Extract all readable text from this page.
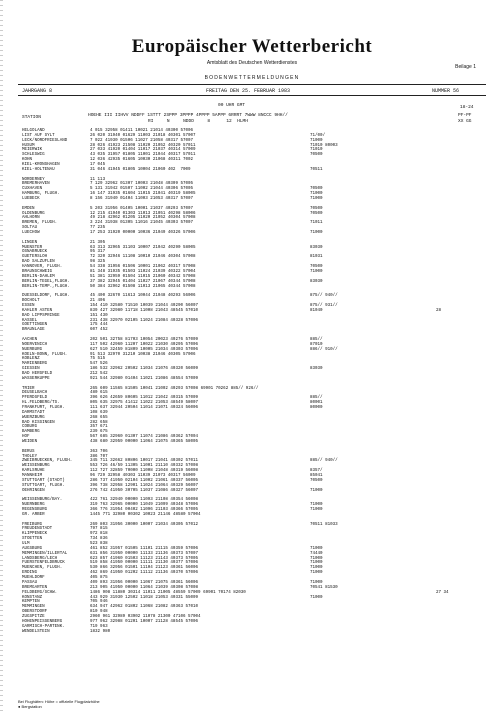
Europäischer Wetterbericht
Amtsblatt des Deutschen Wetterdienstes
Beilage 1
BODENWETTERMELDUNGEN
JAHRGANG 8	FREITAG DEN 25. FEBRUAR 1983	NUMMER 56
00 UHR GMT	18-24
STATION	HOEHE III IIHVV NDDFF 1STTT 2SPPP 3PPPP 4PPPP 5APPP 6RRRT 7WWW 8NCCC 9HH//
RI     N     NDDD     8      12  HLMH
PF-PF
XX GG
HELGOLAND	4 015 32958 01411 10021 21014 40300 57006
LIST AUF SYLT	26 020 31940 01629 11003 21018 40301 57007	71/00/
LECK/NORDFRIESLAND	7 022 41930 01506 11027 21058 40317 57007	71000
HUSUM	28 026 41923 21508 11020 21052 40320 57011	71010 80003
MEIERWIK	27 033 41920 01404 11017 21037 40314 57009	71010
SCHLESWIG	43 035 31957 01805 11001 21044 40317 57011	70500
KOHN	12 036 42935 01605 10030 21068 40311 7002
KIEL-KRONSHAGEN	17 045
KIEL-HOLTENAU	31 046 41945 01805 10004 21060 402  7009	70511
NORDERNEY	11 113
BREMERHAVEN	7 129 32962 01307 10003 21048 40309 57005
CUXHAVEN	5 131 31942 01507 11002 21044 40306 57005	70500
HAMBURG, FLUGH.	16 147 31935 01604 11015 21041 40319 58005	71000
LUEBECK	8 156 31940 01404 11003 21053 40317 57007	71000
EMDEN	5 203 31956 01405 10001 21037 40293 57007	70500
OLDENBURG	12 215 41940 01303 11013 21051 40298 58006	70500
AHLHORN	49 218 42962 01205 11020 21052 40304 57008
BREMEN, FLUGH.	3 224 31938 01305 11016 21045 40303 57007	71011
SOLTAU	77 235
LUECHOW	17 253 31920 00000 10036 21049 40326 57006	71000
LINGEN	21 305
MUENSTER	63 313 32965 31103 10007 21042 40290 58005	83030
OSNABRUECK	95 317
GUETERSLOH	72 320 32946 11108 10010 21046 40304 57008	81031
BAD SALZUFLEN	98 325
HANNOVER, FLUGH.	54 338 31956 01506 10001 21062 40317 57008	70500
BRAUNSCHWEIG	81 348 31935 01503 11024 21039 40322 57004	71000
BERLIN-DAHLEM	51 381 32959 01504 11015 21060 40342 57008
BERLIN-TEGEL,FLUGH.	37 382 32945 01404 11027 21067 40344 57008	83030
BERLIN-TEMP.,FLUGH.	50 384 32962 01508 11013 21065 40344 57008
DUESSELDORF, FLUGH.	45 400 32670 11613 10044 21048 40293 56006	875// 940//
BOCHOLT	21 406
ESSEN	154 410 32580 71510 10039 21044 40290 56007	875// 931//
KAHLER ASTEN	839 427 32980 11718 11008 21043 48545 57010	81040	28
BAD LIPPSPRINGE	151 430
KASSEL	231 438 32970 02105 11024 21084 40328 57006
GOETTINGEN	175 444
BRAUNLAGE	607 452
AACHEN	202 501 32758 81703 10054 20023 40276 57009	885//
NOERVENICH	117 502 42960 11207 10022 21030 40295 57006	87010
NUERBURG	627 510 32459 81809 10005 21034 40303 57006	886// 910//
KOELN-BONN, FLUGH.	91 513 32970 31210 10038 21046 40305 57006
KOBLENZ	75 515
MARIENBERG	547 526
GIESSEN	186 532 32962 20502 11034 21076 40320 56009	83030
BAD HERSFELD	212 542
WASSERKUPPE	921 544 32980 01404 11021 21086 48554 57009
TRIER	265 609 11565 81505 10041 21002 40293 57008 69901 70262 885// 926//
DEUSELBACH	480 615
PFERDSFELD	396 626 42659 80605 11012 21042 40315 57009	885//
HL.FELDBERG/TS.	805 635 32975 41412 11022 21053 48549 58007	80001
FRANKFURT, FLUGH.	111 637 32944 20504 11014 21071 40324 56006	80000
DARMSTADT	108 639
WUERZBURG	268 655
BAD KISSINGEN	282 658
COBURG	357 671
BAMBERG	239 675
HOF	567 685 32960 01307 11074 21086 40362 57004
WEIDEN	438 680 32959 00000 11064 21075 40365 58005
BERUS	363 706
THOLEY	386 707
ZWEIBRUECKEN, FLUGH.	345 711 32662 80806 10017 21041 40302 57011	885// 940//
WEISSENBURG	553 726 46/59 11305 11001 21110 40332 57008
KARLSRUHE	112 727 32859 70000 11008 21048 40319 56008	8357/
MANNHEIM	96 729 32958 40303 11039 21073 40317 56009	85041
STUTTGART (STADT)	286 737 41950 02104 11002 21061 40337 56005	70500
STUTTGART, FLUGH.	396 738 32958 12901 11024 21064 40329 56007
OEHRINGEN	276 742 41950 30705 11037 21086 40327 56007	71000
WEISSENBURG/BAY.	422 761 32940 00000 11093 21108 40354 56008
NUERNBERG	319 763 32965 00000 11049 21099 40348 57006	71000
REGENSBURG	366 776 31954 00402 11096 21103 40366 57005	71000
GR. ARBER	1445 771 32980 00302 10023 21146 48580 57004
FREIBURG	269 803 31956 30000 10007 21034 40305 57012	70511 81033
FREUDENSTADT	797 815
KLIPPENECK	972 818
STOETTEN	734 836
ULM	523 838
AUGSBURG	461 852 31957 01505 11101 21115 40359 57006	71000
MEMMINGEN/ILLERTAL	631 856 31950 00000 11133 21136 40373 57007	74440
LANDSBERG/LECH	623 857 41960 01503 11123 21143 40373 57005	71000
FUERSTENFELDBRUCK	519 858 41950 00000 11111 21130 40377 57006	71000
MUENCHEN, FLUGH.	530 866 32956 01501 11104 21123 40361 56006	71000
ERDING	462 869 41950 01202 11112 21136 40370 57006	71000
MUEHLDORF	405 875
PASSAU	409 893 31956 00000 11067 21075 40361 56006	71000
BREMGARTEN	213 905 41950 00000 11064 21039 40308 57008	70541 81530
FELDBERG/SCHW.	1486 908 11880 30314 11011 21005 48559 57009 69901 70174 82030	27 34
KONSTANZ	443 929 31930 12502 11018 21053 40331 55009	71000
KEMPTEN	705 946
MEMMINGEN	634 947 42962 01802 11068 21082 40363 57010
OBERSTDORF	810 948
ZUGSPITZE	2960 961 32989 03902 11078 21300 47106 57004
HOHENPEISSENBERG	977 962 32988 01201 10007 21128 48545 57006
GARMISCH-PARTENK.	719 963
WENDELSTEIN	1832 980
Bei Flughäfen: Höhe = offizielle Flugplatzhöhe
● Bergstation
